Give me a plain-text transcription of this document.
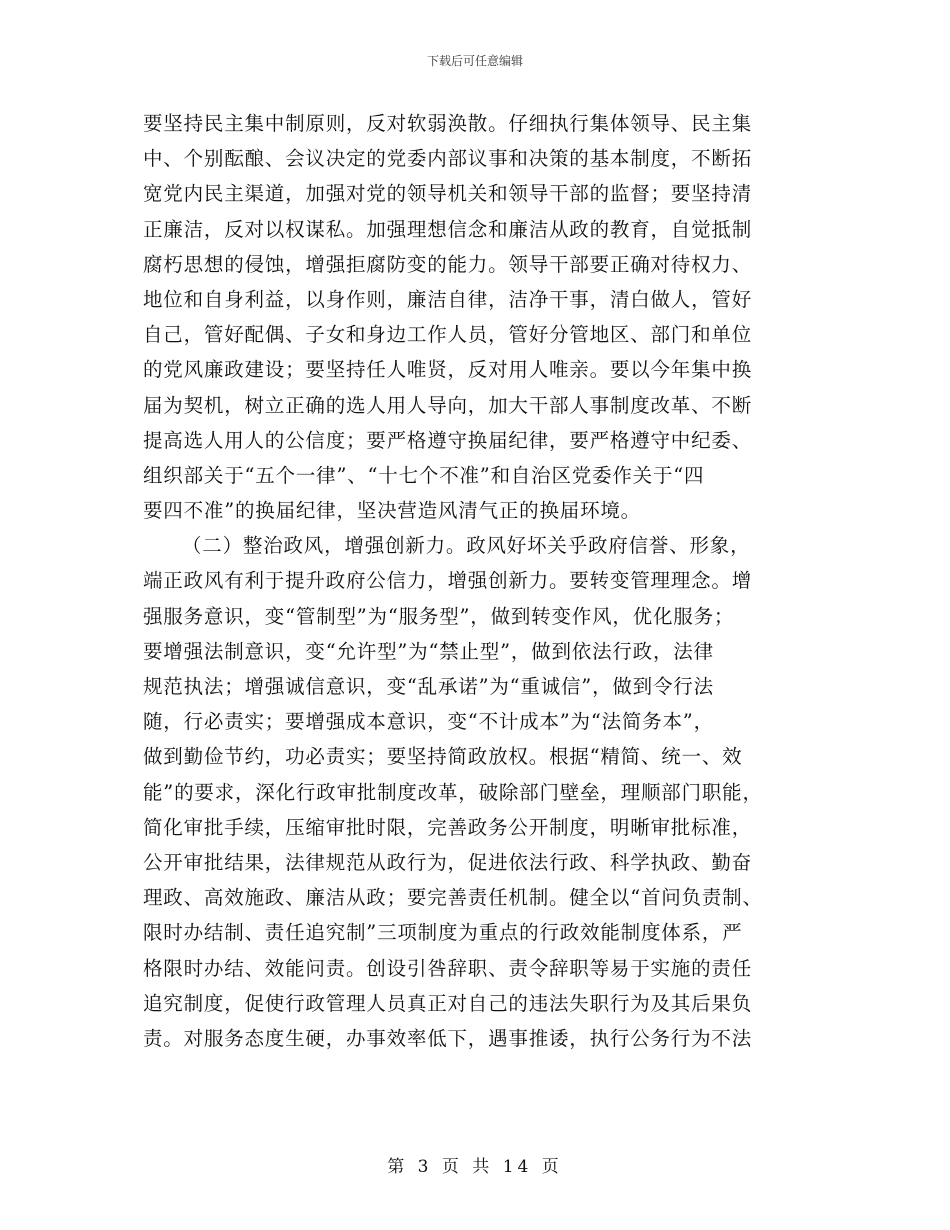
下载后可任意编辑
要坚持民主集中制原则，反对软弱涣散。仔细执行集体领导、民主集
中、个别酝酿、会议决定的党委内部议事和决策的基本制度，不断拓
宽党内民主渠道，加强对党的领导机关和领导干部的监督；要坚持清
正廉洁，反对以权谋私。加强理想信念和廉洁从政的教育，自觉抵制
腐朽思想的侵蚀，增强拒腐防变的能力。领导干部要正确对待权力、
地位和自身利益，以身作则，廉洁自律，洁净干事，清白做人，管好
自己，管好配偶、子女和身边工作人员，管好分管地区、部门和单位
的党风廉政建设；要坚持任人唯贤，反对用人唯亲。要以今年集中换
届为契机，树立正确的选人用人导向，加大干部人事制度改革、不断
提高选人用人的公信度；要严格遵守换届纪律，要严格遵守中纪委、
组织部关于“五个一律”、“十七个不准”和自治区党委作关于“四
要四不准”的换届纪律，坚决营造风清气正的换届环境。
（二）整治政风，增强创新力。政风好坏关乎政府信誉、形象，
端正政风有利于提升政府公信力，增强创新力。要转变管理理念。增
强服务意识，变“管制型”为“服务型”，做到转变作风，优化服务；
要增强法制意识，变“允许型”为“禁止型”，做到依法行政，法律
规范执法；增强诚信意识，变“乱承诺”为“重诚信”，做到令行法
随，行必责实；要增强成本意识，变“不计成本”为“法简务本”，
做到勤俭节约，功必责实；要坚持简政放权。根据“精简、统一、效
能”的要求，深化行政审批制度改革，破除部门壁垒，理顺部门职能，
简化审批手续，压缩审批时限，完善政务公开制度，明晰审批标准，
公开审批结果，法律规范从政行为，促进依法行政、科学执政、勤奋
理政、高效施政、廉洁从政；要完善责任机制。健全以“首问负责制、
限时办结制、责任追究制”三项制度为重点的行政效能制度体系，严
格限时办结、效能问责。创设引咎辞职、责令辞职等易于实施的责任
追究制度，促使行政管理人员真正对自己的违法失职行为及其后果负
责。对服务态度生硬，办事效率低下，遇事推诿，执行公务行为不法
第 3 页 共 14 页
